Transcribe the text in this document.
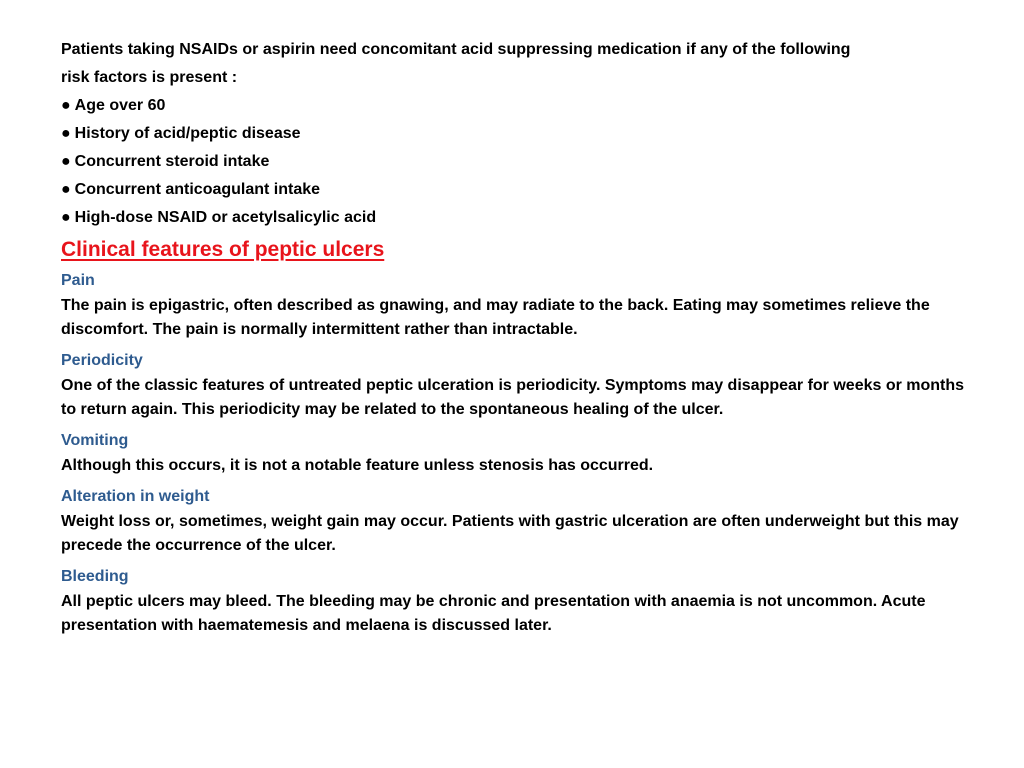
Patients taking NSAIDs or aspirin need concomitant acid suppressing medication if any of the following

risk factors is present :

● Age over 60
● History of acid/peptic disease
● Concurrent steroid intake
● Concurrent anticoagulant intake
● High-dose NSAID or acetylsalicylic acid
Clinical features of peptic ulcers
Pain

The pain is epigastric, often described as gnawing, and may radiate to the back. Eating may sometimes relieve the discomfort. The pain is normally intermittent rather than intractable.

Periodicity

One of the classic features of untreated peptic ulceration is periodicity. Symptoms may disappear for weeks or months to return again. This periodicity may be related to the spontaneous healing of the ulcer.

Vomiting

Although this occurs, it is not a notable feature unless stenosis has occurred.

Alteration in weight

Weight loss or, sometimes, weight gain may occur. Patients with gastric ulceration are often underweight but this may precede the occurrence of the ulcer.

Bleeding

All peptic ulcers may bleed. The bleeding may be chronic and presentation with anaemia is not uncommon. Acute presentation with haematemesis and melaena is discussed later.
